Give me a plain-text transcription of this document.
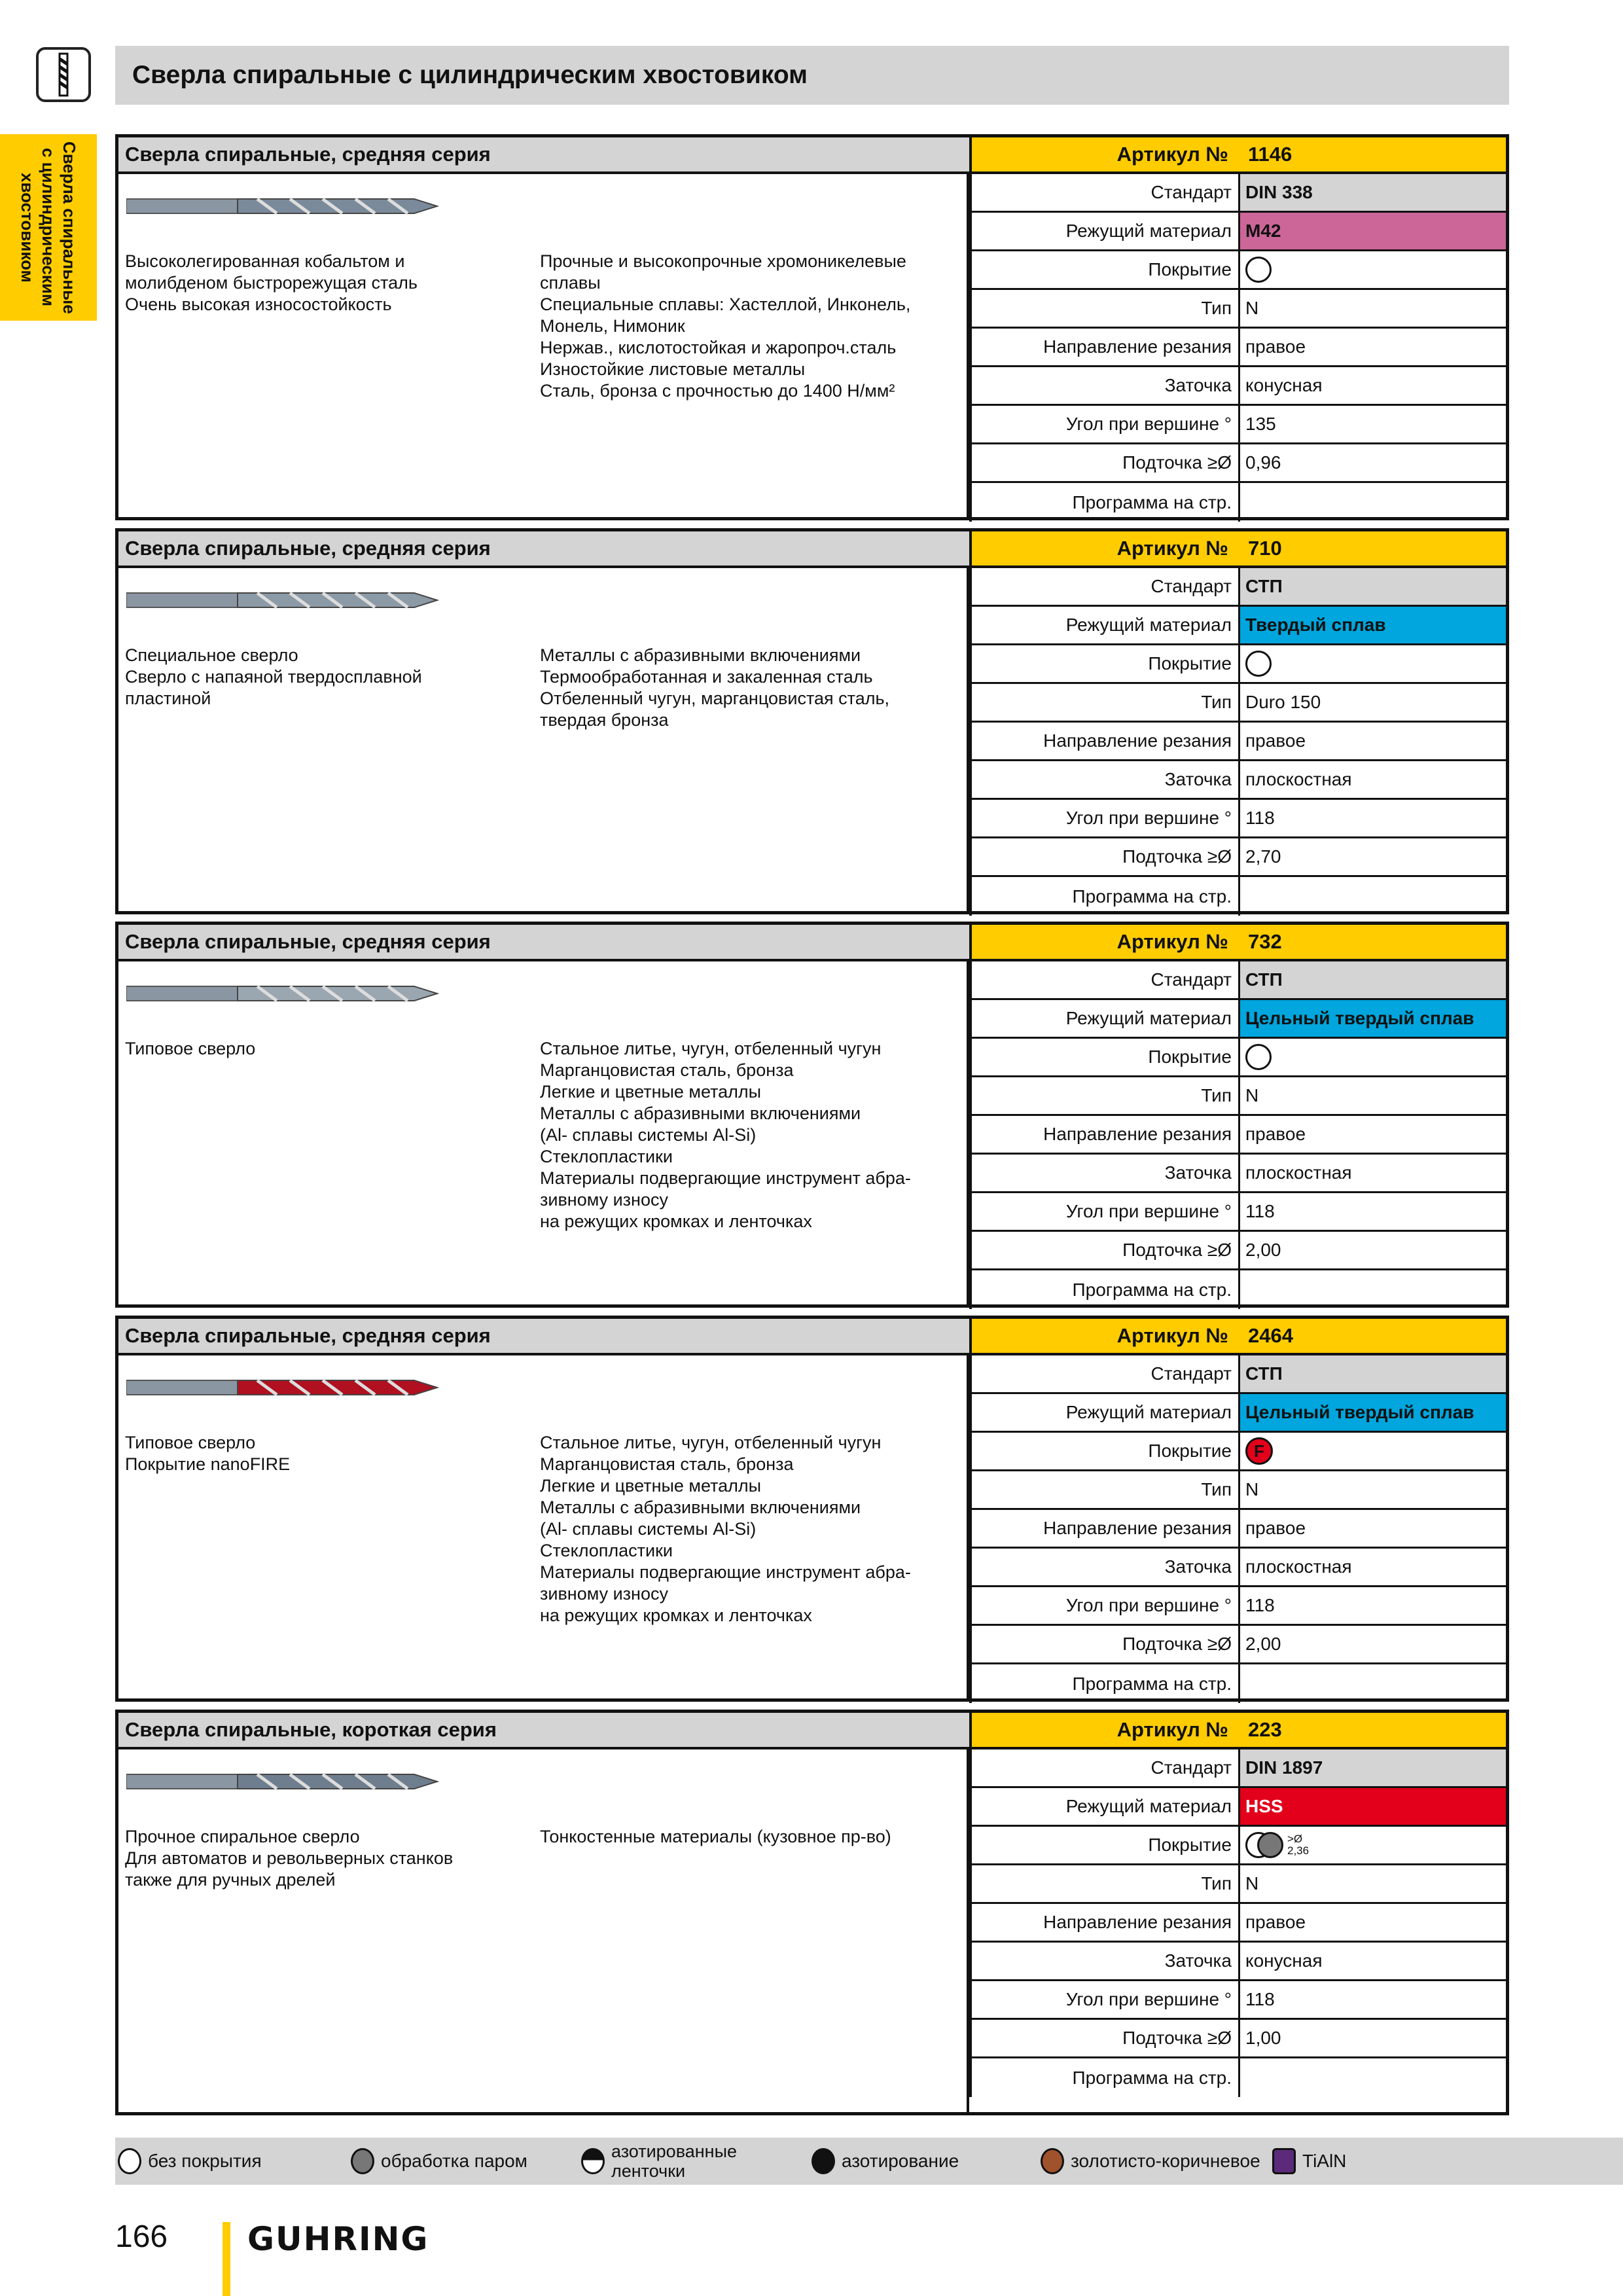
Сверла спиральные с цилиндрическим хвостовиком
Сверла спиральные
с цилиндрическим
хвостовиком
Сверла спиральные, средняя серия	Артикул № 1146
Высоколегированная кобальтом и
молибденом быстрорежущая сталь
Очень высокая износостойкость
Прочные и высокопрочные хромоникелевые
сплавы
Специальные сплавы: Хастеллой, Инконель,
Монель, Нимоник
Нержав., кислотостойкая и жаропроч.сталь
Изностойкие листовые металлы
Сталь, бронза с прочностью до 1400 Н/мм²
Стандарт DIN 338
Режущий материал M42
Покрытие
Тип N
Направление резания правое
Заточка конусная
Угол при вершине ° 135
Подточка ≥Ø 0,96
Программа на стр.
Сверла спиральные, средняя серия	Артикул № 710
Специальное сверло
Сверло с напаяной твердосплавной
пластиной
Металлы с абразивными включениями
Термообработанная и закаленная сталь
Отбеленный чугун, марганцовистая сталь,
твердая бронза
Стандарт СТП
Режущий материал Твердый сплав
Покрытие
Тип Duro 150
Направление резания правое
Заточка плоскостная
Угол при вершине ° 118
Подточка ≥Ø 2,70
Программа на стр.
Сверла спиральные, средняя серия	Артикул № 732
Типовое сверло	Стальное литье, чугун, отбеленный чугун
Марганцовистая сталь, бронза
Легкие и цветные металлы
Металлы с абразивными включениями
(Al- сплавы системы Al-Si)
Стеклопластики
Материалы подвергающие инструмент абра-
зивному износу
на режущих кромках и ленточках
Стандарт СТП
Режущий материал Цельный твердый сплав
Покрытие
Тип N
Направление резания правое
Заточка плоскостная
Угол при вершине ° 118
Подточка ≥Ø 2,00
Программа на стр.
Сверла спиральные, средняя серия	Артикул № 2464
Типовое сверло
Покрытие nanoFIRE
Стальное литье, чугун, отбеленный чугун
Марганцовистая сталь, бронза
Легкие и цветные металлы
Металлы с абразивными включениями
(Al- сплавы системы Al-Si)
Стеклопластики
Материалы подвергающие инструмент абра-
зивному износу
на режущих кромках и ленточках
Стандарт СТП
Режущий материал Цельный твердый сплав
Покрытие	F
Тип N
Направление резания правое
Заточка плоскостная
Угол при вершине ° 118
Подточка ≥Ø 2,00
Программа на стр.
Сверла спиральные, короткая серия	Артикул № 223
Прочное спиральное сверло
Для автоматов и револьверных станков
также для ручных дрелей
Тонкостенные материалы (кузовное пр-во)
Стандарт DIN 1897
Режущий материал HSS
Покрытие	>Ø
2,36
Тип N
Направление резания правое
Заточка конусная
Угол при вершине ° 118
Подточка ≥Ø 1,00
Программа на стр.
без покрытия	обработка паром	азотированные ленточки	азотирование	золотисто-коричневое TiAlN
166 GUHRING
